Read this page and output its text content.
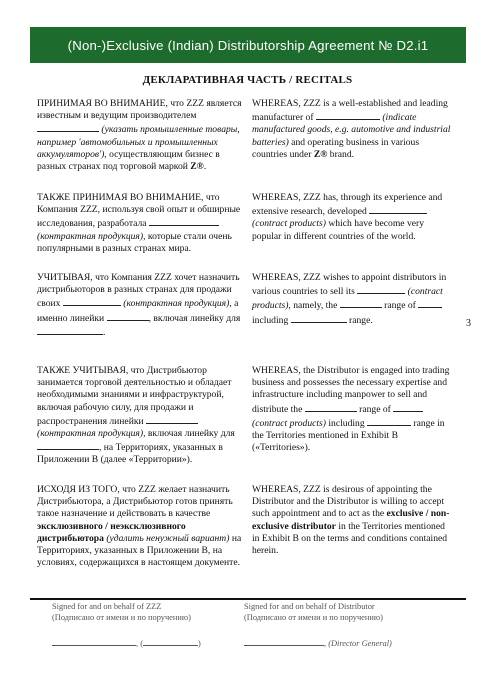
(Non-)Exclusive (Indian) Distributorship Agreement № D2.i1
ДЕКЛАРАТИВНАЯ ЧАСТЬ / RECITALS
3
ПРИНИМАЯ ВО ВНИМАНИЕ, что ZZZ является известным и ведущим производителем  (указать промышленные товары, например 'автомобильных и промышленных аккумуляторов'), осуществляющим бизнес в разных странах под торговой маркой Z®.
ТАКЖЕ ПРИНИМАЯ ВО ВНИМАНИЕ, что Компания ZZZ, используя свой опыт и обширные исследования, разработала  (контрактная продукция), которые стали очень популярными в разных странах мира.
УЧИТЫВАЯ, что Компания ZZZ хочет назначить дистрибьюторов в разных странах для продажи своих	(контрактная продукция), а именно линейки	, включая линейку для .
ТАКЖЕ УЧИТЫВАЯ, что Дистрибьютор занимается торговой деятельностью и обладает необходимыми знаниями и инфраструктурой, включая рабочую силу, для продажи и распространения линейки  (контрактная продукция), включая линейку для , на Территориях, указанных в Приложении B (далее «Территории»).
ИСХОДЯ ИЗ ТОГО, что ZZZ желает назначить Дистрибьютора, а Дистрибьютор готов принять такое назначение и действовать в качестве эксклюзивного / неэксклюзивного дистрибьютора (удалить ненужный вариант) на Территориях, указанных в Приложении B, на условиях, содержащихся в настоящем документе.
WHEREAS, ZZZ is a well-established and leading manufacturer of	(indicate manufactured goods, e.g. automotive and industrial batteries) and operating business in various countries under Z® brand.
WHEREAS, ZZZ has, through its experience and extensive research, developed  (contract products) which have become very popular in different countries of the world.
WHEREAS, ZZZ wishes to appoint distributors in various countries to sell its	(contract products), namely, the	range of  including	range.
WHEREAS, the Distributor is engaged into trading business and possesses the necessary expertise and infrastructure including manpower to sell and distribute the	range of  (contract products) including	range in the Territories mentioned in Exhibit B («Territories»).
WHEREAS, ZZZ is desirous of appointing the Distributor and the Distributor is willing to accept such appointment and to act as the exclusive / non-exclusive distributor in the Territories mentioned in Exhibit B on the terms and conditions contained herein.
Signed for and on behalf of ZZZ
(Подписано от имени и по поручению)
, (	)
Signed for and on behalf of Distributor
(Подписано от имени и по поручению)
, (Director General)
